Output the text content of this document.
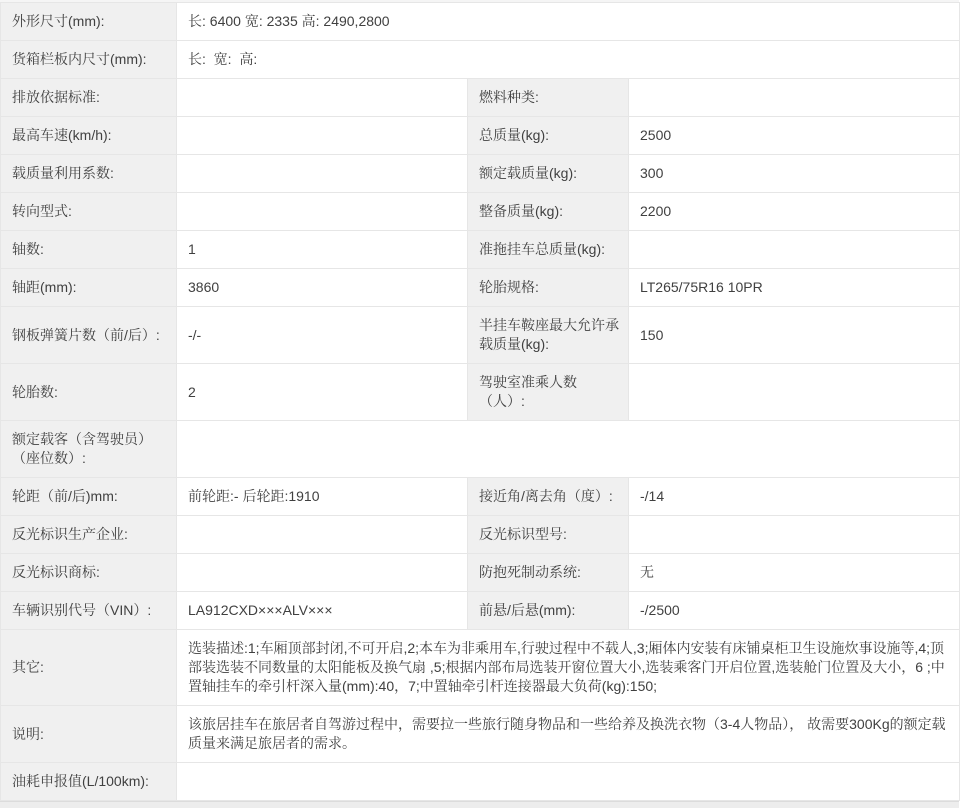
外形尺寸(mm):	长: 6400 宽: 2335 高: 2490,2800		
货箱栏板内尺寸(mm):	长:  宽:  高:		
排放依据标准:		燃料种类:	
最高车速(km/h):		总质量(kg):	2500
载质量利用系数:		额定载质量(kg):	300
转向型式:		整备质量(kg):	2200
轴数:	1	准拖挂车总质量(kg):	
轴距(mm):	3860	轮胎规格:	LT265/75R16 10PR
钢板弹簧片数（前/后）:	-/-	半挂车鞍座最大允许承载质量(kg):	150
轮胎数:	2	驾驶室准乘人数（人）:	
额定载客（含驾驶员）（座位数）:			
轮距（前/后)mm:	前轮距:- 后轮距:1910	接近角/离去角（度）:	-/14
反光标识生产企业:		反光标识型号:	
反光标识商标:		防抱死制动系统:	无
车辆识别代号（VIN）:	LA912CXD×××ALV×××	前悬/后悬(mm):	-/2500
其它:	选装描述:1;车厢顶部封闭,不可开启,2;本车为非乘用车,行驶过程中不载人,3;厢体内安装有床铺桌柜卫生设施炊事设施等,4;顶部装选装不同数量的太阳能板及换气扇 ,5;根据内部布局选装开窗位置大小,选装乘客门开启位置,选装舱门位置及大小，6 ;中置轴挂车的牵引杆深入量(mm):40，7;中置轴牵引杆连接器最大负荷(kg):150;		
说明:	该旅居挂车在旅居者自驾游过程中，需要拉一些旅行随身物品和一些给养及换洗衣物（3-4人物品）， 故需要300Kg的额定载质量来满足旅居者的需求。		
油耗申报值(L/100km):			
